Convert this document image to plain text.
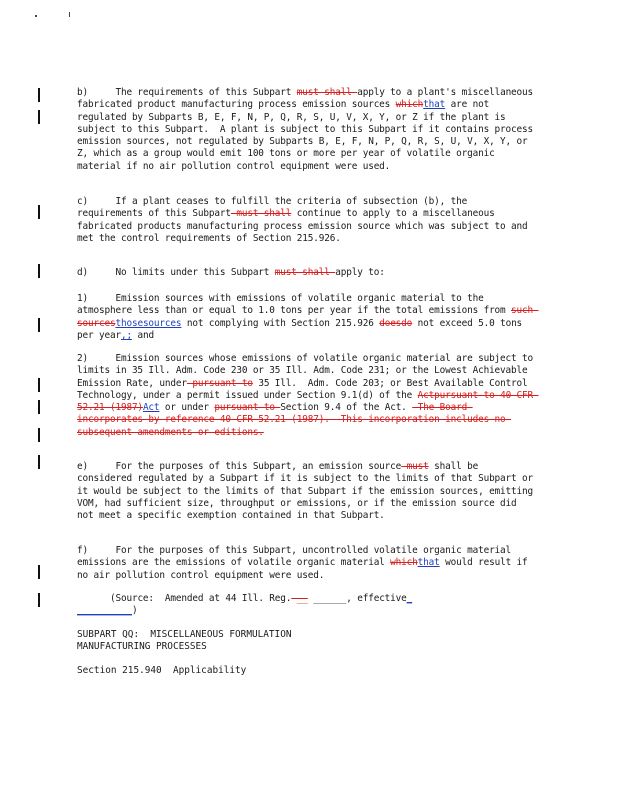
b)     The requirements of this Subpart must shall apply to a plant's miscellaneous fabricated product manufacturing process emission sources whichthat are not regulated by Subparts B, E, F, N, P, Q, R, S, U, V, X, Y, or Z if the plant is subject to this Subpart.  A plant is subject to this Subpart if it contains process emission sources, not regulated by Subparts B, E, F, N, P, Q, R, S, U, V, X, Y, or Z, which as a group would emit 100 tons or more per year of volatile organic material if no air pollution control equipment were used.
c)     If a plant ceases to fulfill the criteria of subsection (b), the requirements of this Subpart must shall continue to apply to a miscellaneous fabricated products manufacturing process emission source which was subject to and met the control requirements of Section 215.926.
d)     No limits under this Subpart must shall apply to:
1)     Emission sources with emissions of volatile organic material to the atmosphere less than or equal to 1.0 tons per year if the total emissions from such sourcesthosesources not complying with Section 215.926 doesdo not exceed 5.0 tons per year,; and
2)     Emission sources whose emissions of volatile organic material are subject to limits in 35 Ill. Adm. Code 230 or 35 Ill. Adm. Code 231; or the Lowest Achievable Emission Rate, under pursuant to 35 Ill.  Adm. Code 203; or Best Available Control Technology, under a permit issued under Section 9.1(d) of the Actpursuant to 40 CFR 52.21 (1987)Act or under pursuant to Section 9.4 of the Act.  The Board incorporates by reference 40 CFR 52.21 (1987).  This incorporation includes no subsequent amendments or editions.
e)     For the purposes of this Subpart, an emission source must shall be considered regulated by a Subpart if it is subject to the limits of that Subpart or it would be subject to the limits of that Subpart if the emission sources, emitting VOM, had sufficient size, throughput or emissions, or if the emission source did not meet a specific exemption contained in that Subpart.
f)     For the purposes of this Subpart, uncontrolled volatile organic material emissions are the emissions of volatile organic material whichthat would result if no air pollution control equipment were used.
(Source:  Amended at 44 Ill. Reg. __ ______, effective_
__________)
SUBPART QQ:  MISCELLANEOUS FORMULATION
MANUFACTURING PROCESSES
Section 215.940  Applicability
